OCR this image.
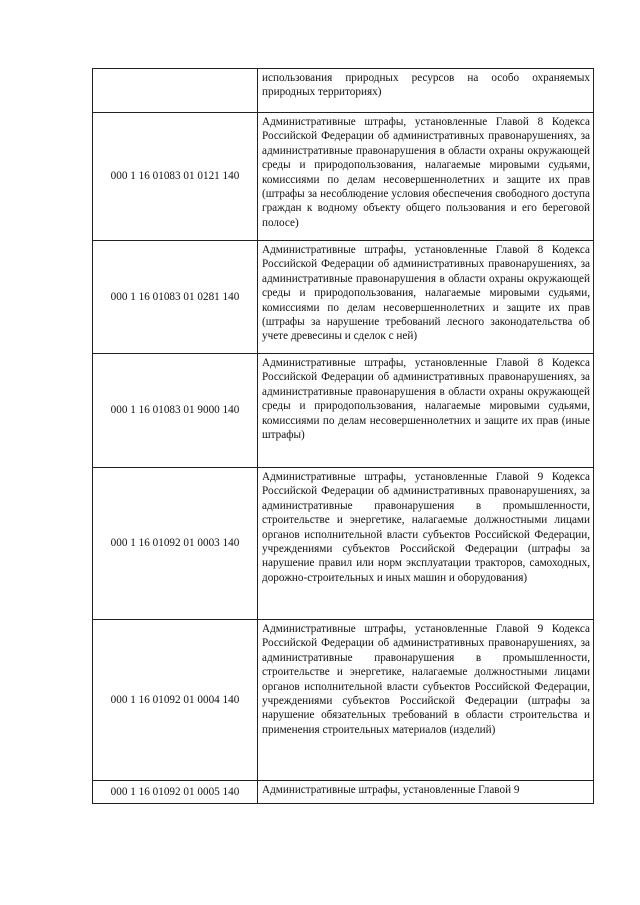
	использования природных ресурсов на особо охраняемых природных территориях)
000 1 16 01083 01 0121 140	Административные штрафы, установленные Главой 8 Кодекса Российской Федерации об административных правонарушениях, за административные правонарушения в области охраны окружающей среды и природопользования, налагаемые мировыми судьями, комиссиями по делам несовершеннолетних и защите их прав (штрафы за несоблюдение условия обеспечения свободного доступа граждан к водному объекту общего пользования и его береговой полосе)
000 1 16 01083 01 0281 140	Административные штрафы, установленные Главой 8 Кодекса Российской Федерации об административных правонарушениях, за административные правонарушения в области охраны окружающей среды и природопользования, налагаемые мировыми судьями, комиссиями по делам несовершеннолетних и защите их прав (штрафы за нарушение требований лесного законодательства об учете древесины и сделок с ней)
000 1 16 01083 01 9000 140	Административные штрафы, установленные Главой 8 Кодекса Российской Федерации об административных правонарушениях, за административные правонарушения в области охраны окружающей среды и природопользования, налагаемые мировыми судьями, комиссиями по делам несовершеннолетних и защите их прав (иные штрафы)
000 1 16 01092 01 0003 140	Административные штрафы, установленные Главой 9 Кодекса Российской Федерации об административных правонарушениях, за административные правонарушения в промышленности, строительстве и энергетике, налагаемые должностными лицами органов исполнительной власти субъектов Российской Федерации, учреждениями субъектов Российской Федерации (штрафы за нарушение правил или норм эксплуатации тракторов, самоходных, дорожно-строительных и иных машин и оборудования)
000 1 16 01092 01 0004 140	Административные штрафы, установленные Главой 9 Кодекса Российской Федерации об административных правонарушениях, за административные правонарушения в промышленности, строительстве и энергетике, налагаемые должностными лицами органов исполнительной власти субъектов Российской Федерации, учреждениями субъектов Российской Федерации (штрафы за нарушение обязательных требований в области строительства и применения строительных материалов (изделий)
000 1 16 01092 01 0005 140	Административные штрафы, установленные Главой 9
